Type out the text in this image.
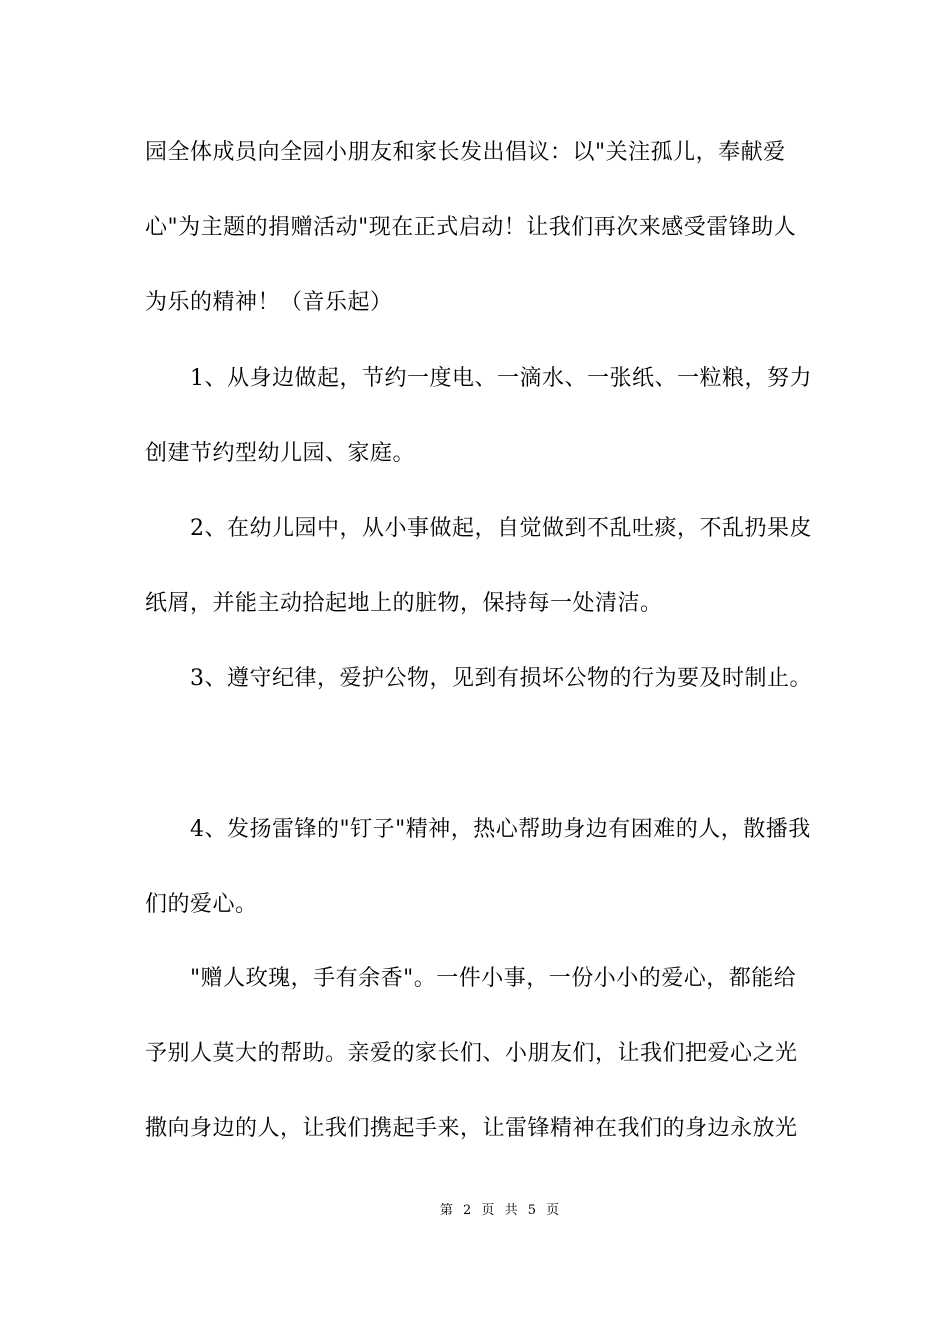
园全体成员向全园小朋友和家长发出倡议：以"关注孤儿，奉献爱
心"为主题的捐赠活动"现在正式启动！让我们再次来感受雷锋助人
为乐的精神！（音乐起）
1、从身边做起，节约一度电、一滴水、一张纸、一粒粮，努力
创建节约型幼儿园、家庭。
2、在幼儿园中，从小事做起，自觉做到不乱吐痰，不乱扔果皮
纸屑，并能主动拾起地上的脏物，保持每一处清洁。
3、遵守纪律，爱护公物，见到有损坏公物的行为要及时制止。
4、发扬雷锋的"钉子"精神，热心帮助身边有困难的人，散播我
们的爱心。
"赠人玫瑰，手有余香"。一件小事，一份小小的爱心，都能给
予别人莫大的帮助。亲爱的家长们、小朋友们，让我们把爱心之光
撒向身边的人，让我们携起手来，让雷锋精神在我们的身边永放光
第 2 页 共 5 页
